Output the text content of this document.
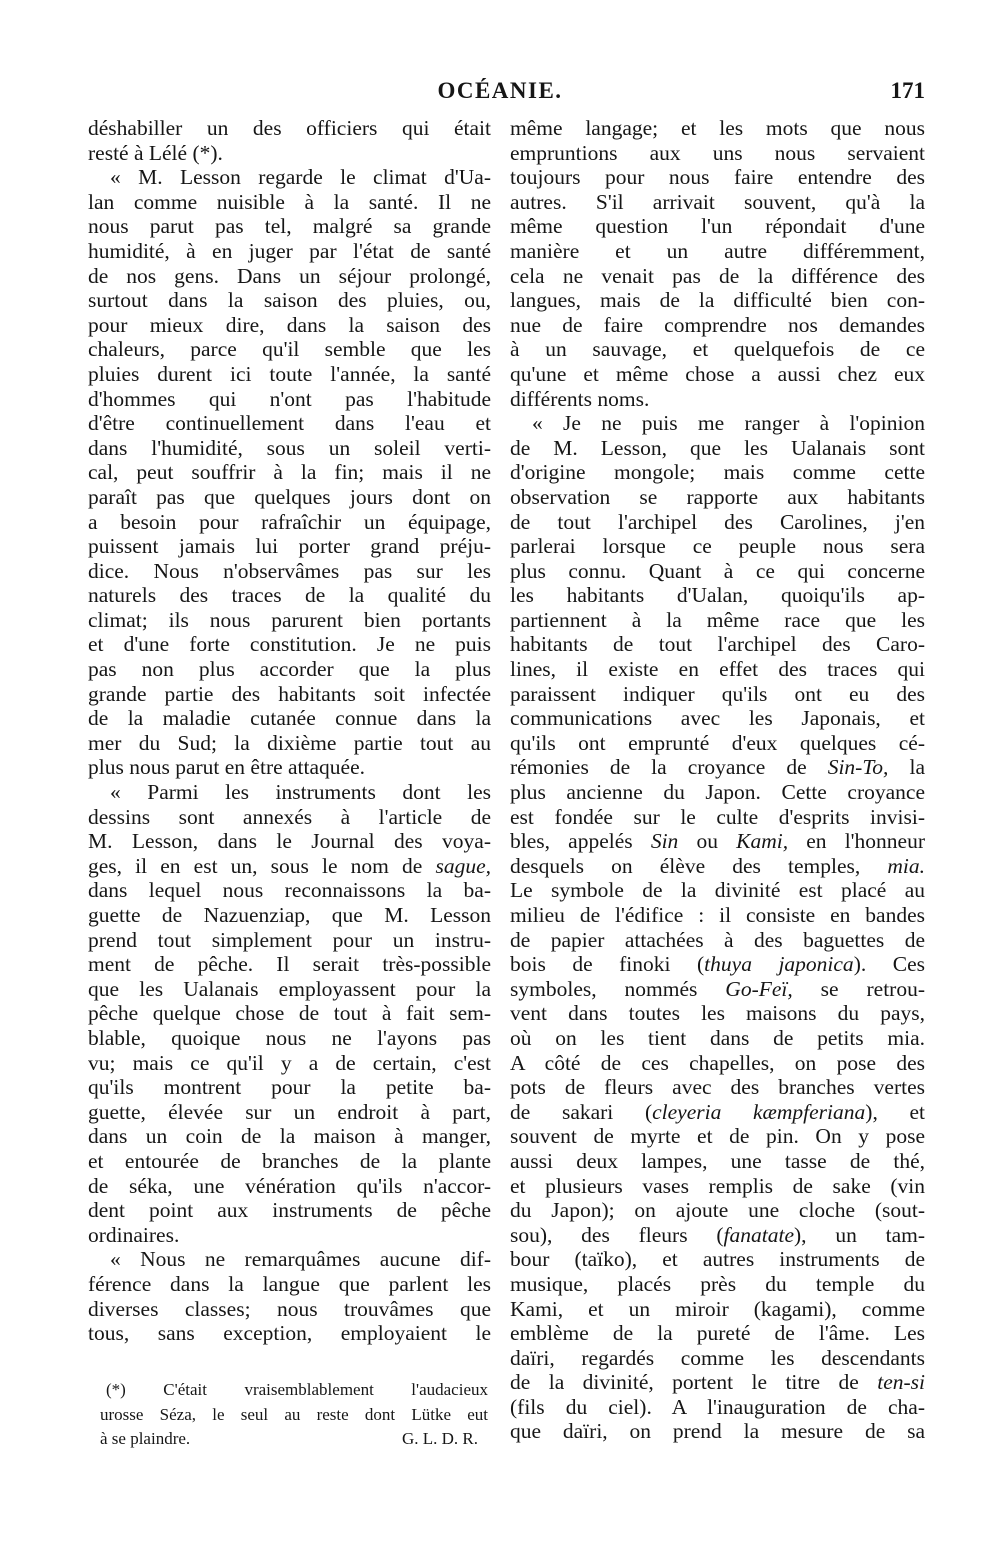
OCÉANIE.	171
déshabiller un des officiers qui était
resté à Lélé (*).
« M. Lesson regarde le climat d'Ua-
lan comme nuisible à la santé. Il ne
nous parut pas tel, malgré sa grande
humidité, à en juger par l'état de santé
de nos gens. Dans un séjour prolongé,
surtout dans la saison des pluies, ou,
pour mieux dire, dans la saison des
chaleurs, parce qu'il semble que les
pluies durent ici toute l'année, la santé
d'hommes qui n'ont pas l'habitude
d'être continuellement dans l'eau et
dans l'humidité, sous un soleil verti-
cal, peut souffrir à la fin; mais il ne
paraît pas que quelques jours dont on
a besoin pour rafraîchir un équipage,
puissent jamais lui porter grand préju-
dice. Nous n'observâmes pas sur les
naturels des traces de la qualité du
climat; ils nous parurent bien portants
et d'une forte constitution. Je ne puis
pas non plus accorder que la plus
grande partie des habitants soit infectée
de la maladie cutanée connue dans la
mer du Sud; la dixième partie tout au
plus nous parut en être attaquée.
« Parmi les instruments dont les
dessins sont annexés à l'article de
M. Lesson, dans le Journal des voya-
ges, il en est un, sous le nom de sague,
dans lequel nous reconnaissons la ba-
guette de Nazuenziap, que M. Lesson
prend tout simplement pour un instru-
ment de pêche. Il serait très-possible
que les Ualanais employassent pour la
pêche quelque chose de tout à fait sem-
blable, quoique nous ne l'ayons pas
vu; mais ce qu'il y a de certain, c'est
qu'ils montrent pour la petite ba-
guette, élevée sur un endroit à part,
dans un coin de la maison à manger,
et entourée de branches de la plante
de séka, une vénération qu'ils n'accor-
dent point aux instruments de pêche
ordinaires.
« Nous ne remarquâmes aucune dif-
férence dans la langue que parlent les
diverses classes; nous trouvâmes que
tous, sans exception, employaient le
même langage; et les mots que nous
empruntions aux uns nous servaient
toujours pour nous faire entendre des
autres. S'il arrivait souvent, qu'à la
même question l'un répondait d'une
manière et un autre différemment,
cela ne venait pas de la différence des
langues, mais de la difficulté bien con-
nue de faire comprendre nos demandes
à un sauvage, et quelquefois de ce
qu'une et même chose a aussi chez eux
différents noms.
« Je ne puis me ranger à l'opinion
de M. Lesson, que les Ualanais sont
d'origine mongole; mais comme cette
observation se rapporte aux habitants
de tout l'archipel des Carolines, j'en
parlerai lorsque ce peuple nous sera
plus connu. Quant à ce qui concerne
les habitants d'Ualan, quoiqu'ils ap-
partiennent à la même race que les
habitants de tout l'archipel des Caro-
lines, il existe en effet des traces qui
paraissent indiquer qu'ils ont eu des
communications avec les Japonais, et
qu'ils ont emprunté d'eux quelques cé-
rémonies de la croyance de Sin-To, la
plus ancienne du Japon. Cette croyance
est fondée sur le culte d'esprits invisi-
bles, appelés Sin ou Kami, en l'honneur
desquels on élève des temples, mia.
Le symbole de la divinité est placé au
milieu de l'édifice : il consiste en bandes
de papier attachées à des baguettes de
bois de finoki (thuya japonica). Ces
symboles, nommés Go-Feï, se retrou-
vent dans toutes les maisons du pays,
où on les tient dans de petits mia.
A côté de ces chapelles, on pose des
pots de fleurs avec des branches vertes
de sakari (cleyeria kæmpferiana), et
souvent de myrte et de pin. On y pose
aussi deux lampes, une tasse de thé,
et plusieurs vases remplis de sake (vin
du Japon); on ajoute une cloche (sout-
sou), des fleurs (fanatate), un tam-
bour (taïko), et autres instruments de
musique, placés près du temple du
Kami, et un miroir (kagami), comme
emblème de la pureté de l'âme. Les
daïri, regardés comme les descendants
de la divinité, portent le titre de ten-si
(fils du ciel). A l'inauguration de cha-
que daïri, on prend la mesure de sa
(*) C'était vraisemblablement l'audacieux
urosse Séza, le seul au reste dont Lütke eut
à se plaindre.	G. L. D. R.
